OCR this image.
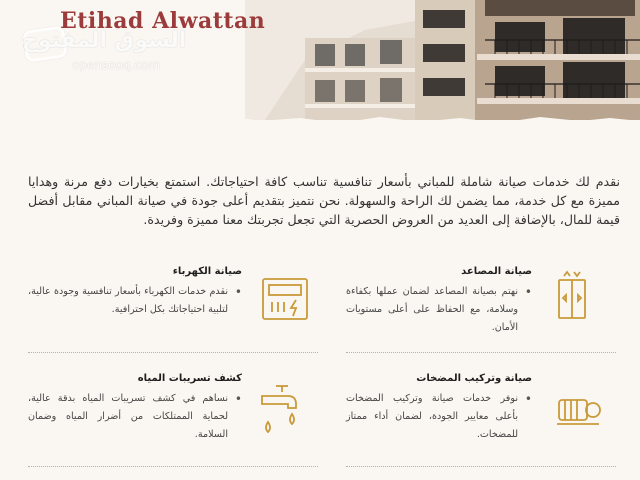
Etihad Alwattan
السوق المفتوح
opensooq.com
نقدم لك خدمات صيانة شاملة للمباني بأسعار تنافسية تناسب كافة احتياجاتك. استمتع بخيارات دفع مرنة وهدايا مميزة مع كل خدمة، مما يضمن لك الراحة والسهولة. نحن نتميز بتقديم أعلى جودة في صيانة المباني مقابل أفضل قيمة للمال، بالإضافة إلى العديد من العروض الحصرية التي تجعل تجربتك معنا مميزة وفريدة.
صيانة المصاعد
• نهتم بصيانة المصاعد لضمان عملها بكفاءة وسلامة، مع الحفاظ على أعلى مستويات الأمان.
صيانة الكهرباء
• نقدم خدمات الكهرباء بأسعار تنافسية وجودة عالية، لتلبية احتياجاتك بكل احترافية.
صيانة وتركيب المضخات
• نوفر خدمات صيانة وتركيب المضخات بأعلى معايير الجودة، لضمان أداء ممتاز للمضخات.
كشف تسريبات المياه
• نساهم في كشف تسريبات المياه بدقة عالية، لحماية الممتلكات من أضرار المياه وضمان السلامة.
